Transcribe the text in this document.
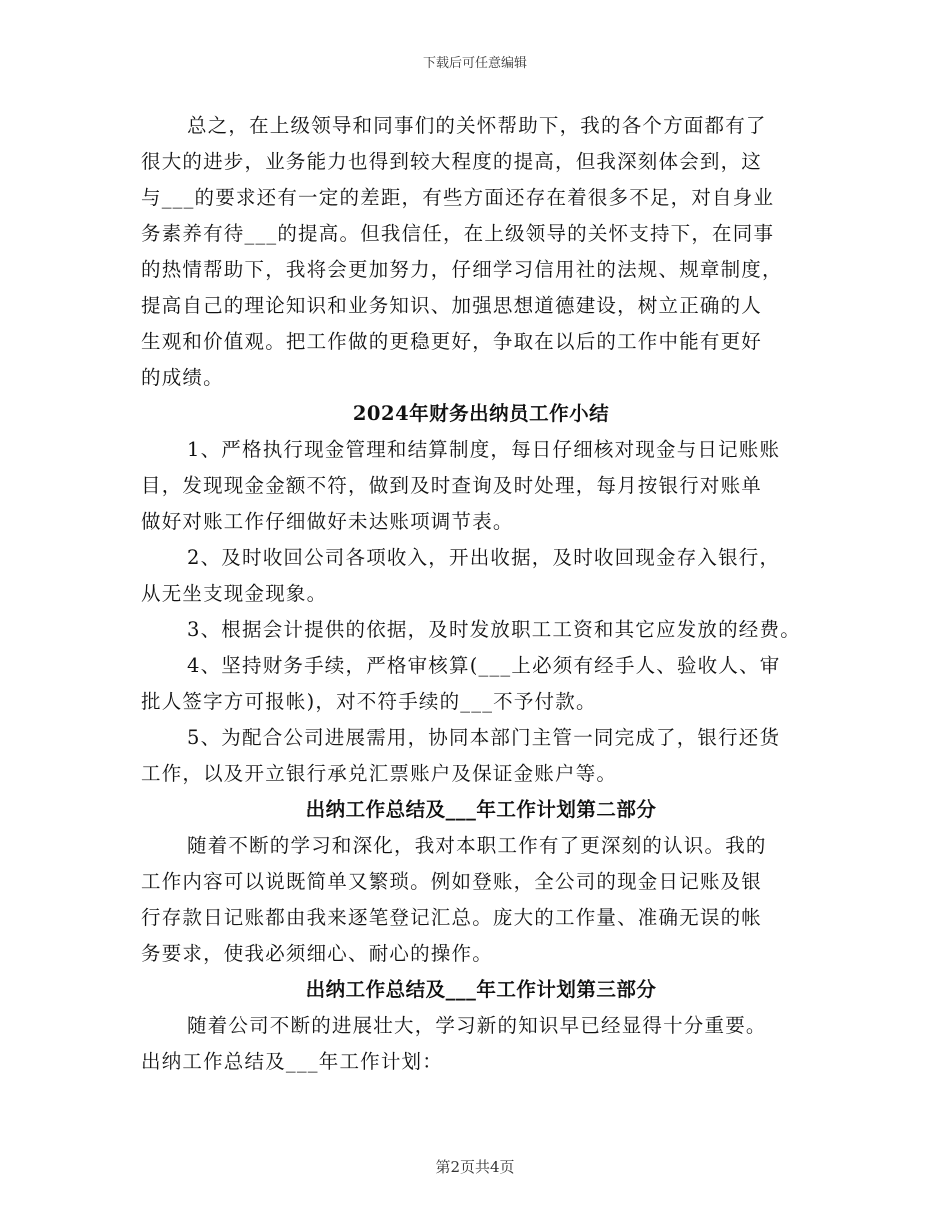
下载后可任意编辑
总之，在上级领导和同事们的关怀帮助下，我的各个方面都有了
很大的进步，业务能力也得到较大程度的提高，但我深刻体会到，这
与___的要求还有一定的差距，有些方面还存在着很多不足，对自身业
务素养有待___的提高。但我信任，在上级领导的关怀支持下，在同事
的热情帮助下，我将会更加努力，仔细学习信用社的法规、规章制度，
提高自己的理论知识和业务知识、加强思想道德建设，树立正确的人
生观和价值观。把工作做的更稳更好，争取在以后的工作中能有更好
的成绩。
2024年财务出纳员工作小结
1、严格执行现金管理和结算制度，每日仔细核对现金与日记账账
目，发现现金金额不符，做到及时查询及时处理，每月按银行对账单
做好对账工作仔细做好未达账项调节表。
2、及时收回公司各项收入，开出收据，及时收回现金存入银行，
从无坐支现金现象。
3、根据会计提供的依据，及时发放职工工资和其它应发放的经费。
4、坚持财务手续，严格审核算(___上必须有经手人、验收人、审
批人签字方可报帐)，对不符手续的___不予付款。
5、为配合公司进展需用，协同本部门主管一同完成了，银行还货
工作，以及开立银行承兑汇票账户及保证金账户等。
出纳工作总结及___年工作计划第二部分
随着不断的学习和深化，我对本职工作有了更深刻的认识。我的
工作内容可以说既简单又繁琐。例如登账，全公司的现金日记账及银
行存款日记账都由我来逐笔登记汇总。庞大的工作量、准确无误的帐
务要求，使我必须细心、耐心的操作。
出纳工作总结及___年工作计划第三部分
随着公司不断的进展壮大，学习新的知识早已经显得十分重要。
出纳工作总结及___年工作计划：
第2页共4页
